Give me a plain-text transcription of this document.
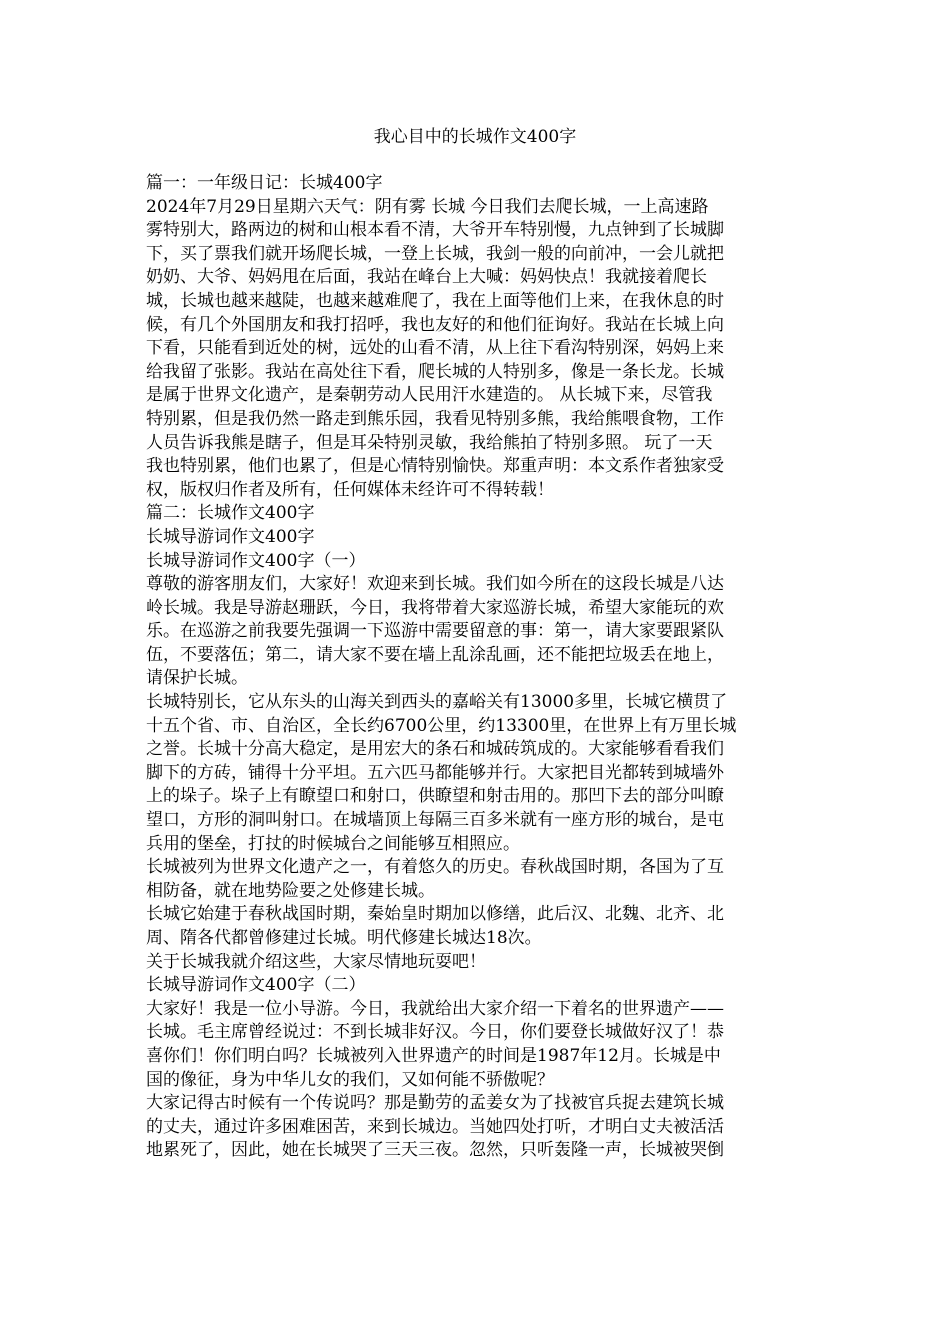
我心目中的长城作文400字
篇一：一年级日记：长城400字
2024年7月29日星期六天气：阴有雾 长城 今日我们去爬长城，一上高速路
雾特别大，路两边的树和山根本看不清，大爷开车特别慢，九点钟到了长城脚
下，买了票我们就开场爬长城，一登上长城，我剑一般的向前冲，一会儿就把
奶奶、大爷、妈妈甩在后面，我站在峰台上大喊：妈妈快点！我就接着爬长
城，长城也越来越陡，也越来越难爬了，我在上面等他们上来，在我休息的时
候，有几个外国朋友和我打招呼，我也友好的和他们征询好。我站在长城上向
下看，只能看到近处的树，远处的山看不清，从上往下看沟特别深，妈妈上来
给我留了张影。我站在高处往下看，爬长城的人特别多，像是一条长龙。长城
是属于世界文化遗产，是秦朝劳动人民用汗水建造的。 从长城下来，尽管我
特别累，但是我仍然一路走到熊乐园，我看见特别多熊，我给熊喂食物，工作
人员告诉我熊是瞎子，但是耳朵特别灵敏，我给熊拍了特别多照。 玩了一天
我也特别累，他们也累了，但是心情特别愉快。郑重声明：本文系作者独家受
权，版权归作者及所有，任何媒体未经许可不得转载！
篇二：长城作文400字
长城导游词作文400字
长城导游词作文400字（一）
尊敬的游客朋友们，大家好！欢迎来到长城。我们如今所在的这段长城是八达
岭长城。我是导游赵珊跃，今日，我将带着大家巡游长城，希望大家能玩的欢
乐。在巡游之前我要先强调一下巡游中需要留意的事：第一，请大家要跟紧队
伍，不要落伍；第二，请大家不要在墙上乱涂乱画，还不能把垃圾丢在地上，
请保护长城。
长城特别长，它从东头的山海关到西头的嘉峪关有13000多里，长城它横贯了
十五个省、市、自治区，全长约6700公里，约13300里，在世界上有万里长城
之誉。长城十分高大稳定，是用宏大的条石和城砖筑成的。大家能够看看我们
脚下的方砖，铺得十分平坦。五六匹马都能够并行。大家把目光都转到城墙外
上的垛子。垛子上有瞭望口和射口，供瞭望和射击用的。那凹下去的部分叫瞭
望口，方形的洞叫射口。在城墙顶上每隔三百多米就有一座方形的城台，是屯
兵用的堡垒，打扙的时候城台之间能够互相照应。
长城被列为世界文化遗产之一，有着悠久的历史。春秋战国时期，各国为了互
相防备，就在地势险要之处修建长城。
长城它始建于春秋战国时期，秦始皇时期加以修缮，此后汉、北魏、北齐、北
周、隋各代都曾修建过长城。明代修建长城达18次。
关于长城我就介绍这些，大家尽情地玩耍吧！
长城导游词作文400字（二）
大家好！我是一位小导游。今日，我就给出大家介绍一下着名的世界遗产——
长城。毛主席曾经说过：不到长城非好汉。今日，你们要登长城做好汉了！恭
喜你们！你们明白吗？长城被列入世界遗产的时间是1987年12月。长城是中
国的像征，身为中华儿女的我们，又如何能不骄傲呢？
大家记得古时候有一个传说吗？那是勤劳的孟姜女为了找被官兵捉去建筑长城
的丈夫，通过许多困难困苦，来到长城边。当她四处打听，才明白丈夫被活活
地累死了，因此，她在长城哭了三天三夜。忽然，只听轰隆一声，长城被哭倒
